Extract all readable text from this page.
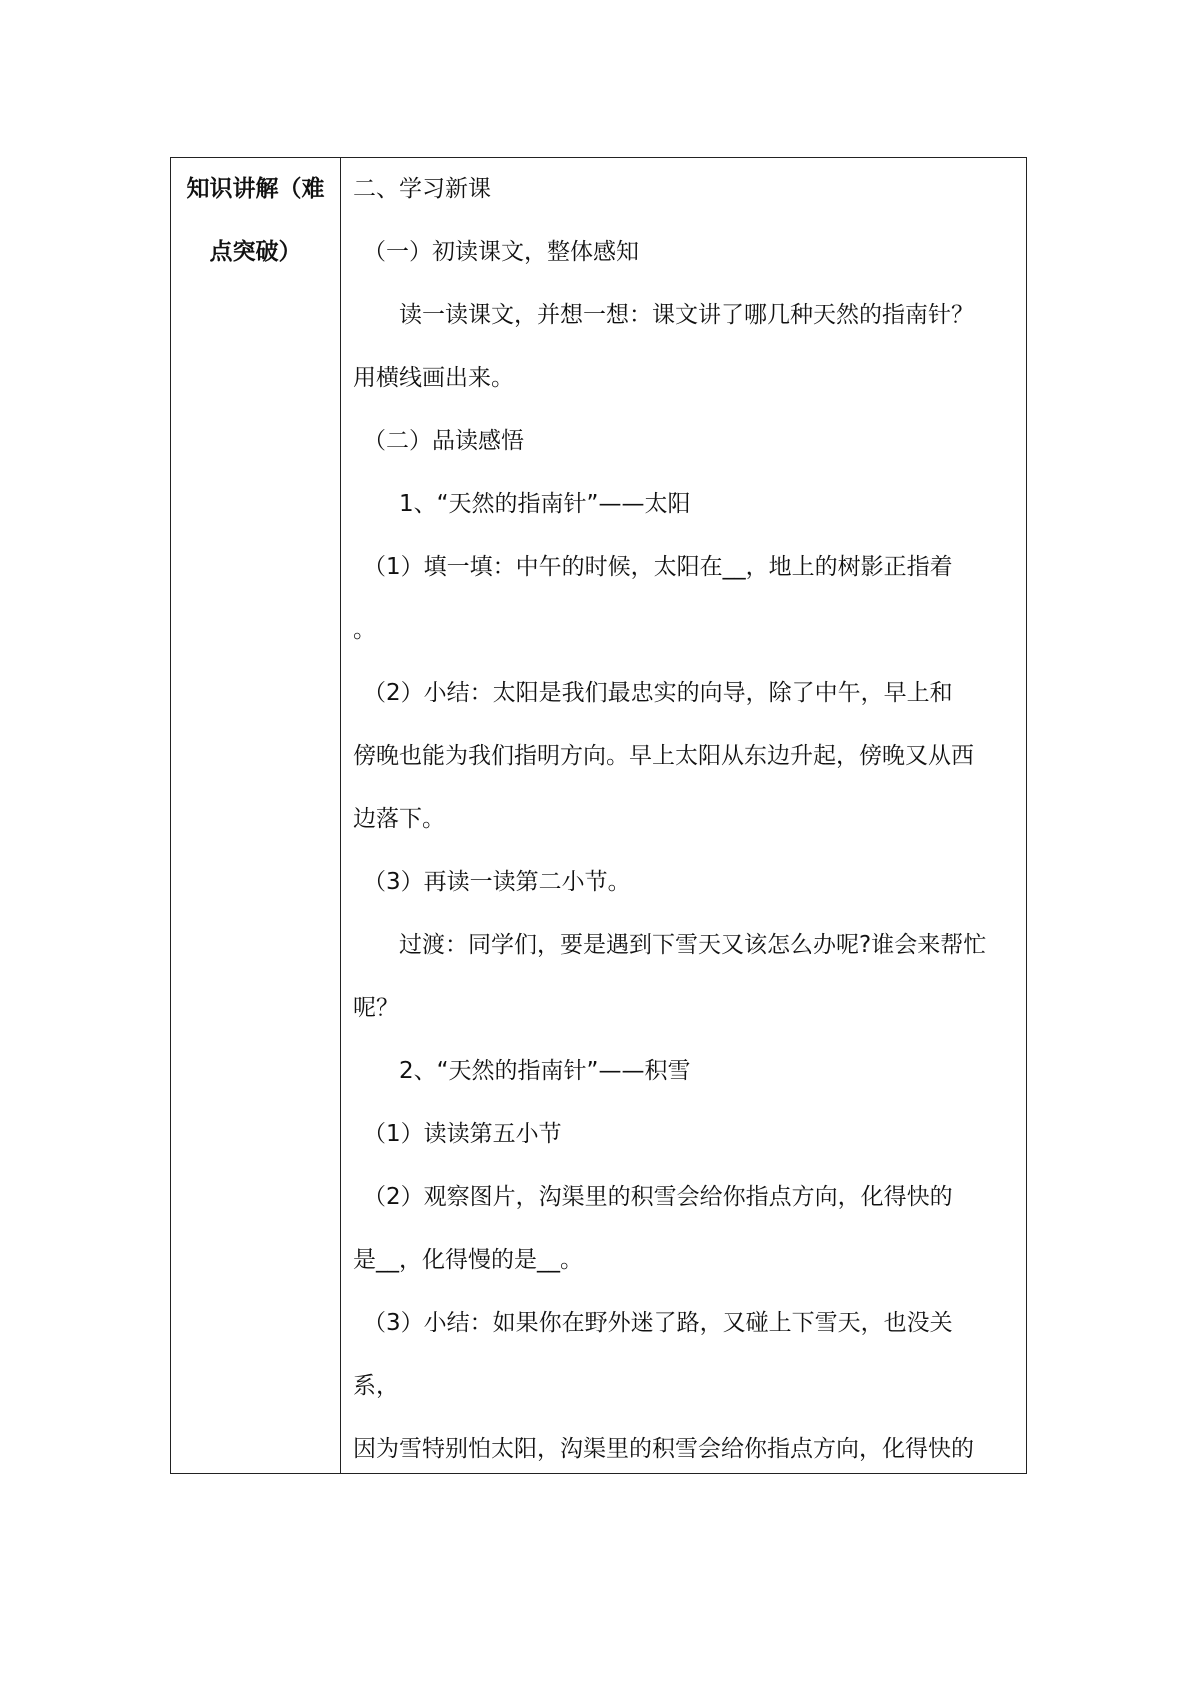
知识讲解（难
点突破）
二、学习新课
（一）初读课文，整体感知
读一读课文，并想一想：课文讲了哪几种天然的指南针？
用横线画出来。
（二）品读感悟
1、“天然的指南针”——太阳
（1）填一填：中午的时候，太阳在__，地上的树影正指着
。
（2）小结：太阳是我们最忠实的向导，除了中午，早上和
傍晚也能为我们指明方向。早上太阳从东边升起，傍晚又从西
边落下。
（3）再读一读第二小节。
过渡：同学们，要是遇到下雪天又该怎么办呢?谁会来帮忙
呢？
2、“天然的指南针”——积雪
（1）读读第五小节
（2）观察图片，沟渠里的积雪会给你指点方向，化得快的
是__，化得慢的是__。
（3）小结：如果你在野外迷了路，又碰上下雪天，也没关
系，
因为雪特别怕太阳，沟渠里的积雪会给你指点方向，化得快的
